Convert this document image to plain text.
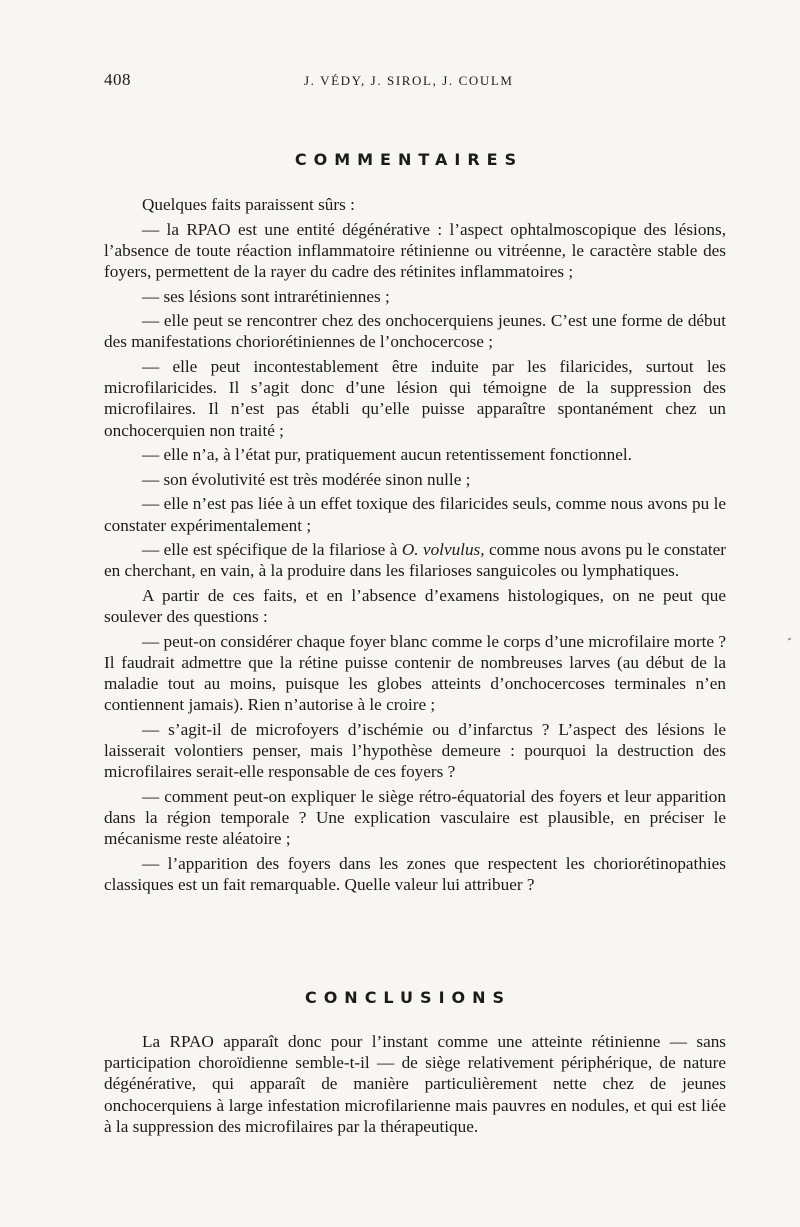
408	J. VÉDY, J. SIROL, J. COULM
COMMENTAIRES

Quelques faits paraissent sûrs :

— la RPAO est une entité dégénérative : l’aspect ophtalmoscopique des lésions, l’absence de toute réaction inflammatoire rétinienne ou vitréenne, le caractère stable des foyers, permettent de la rayer du cadre des rétinites inflammatoires ;

— ses lésions sont intrarétiniennes ;

— elle peut se rencontrer chez des onchocerquiens jeunes. C’est une forme de début des manifestations choriorétiniennes de l’onchocercose ;

— elle peut incontestablement être induite par les filaricides, surtout les microfilaricides. Il s’agit donc d’une lésion qui témoigne de la suppression des microfilaires. Il n’est pas établi qu’elle puisse apparaître spontanément chez un onchocerquien non traité ;

— elle n’a, à l’état pur, pratiquement aucun retentissement fonctionnel.

— son évolutivité est très modérée sinon nulle ;

— elle n’est pas liée à un effet toxique des filaricides seuls, comme nous avons pu le constater expérimentalement ;

— elle est spécifique de la filariose à O. volvulus, comme nous avons pu le constater en cherchant, en vain, à la produire dans les filarioses sanguicoles ou lymphatiques.

A partir de ces faits, et en l’absence d’examens histologiques, on ne peut que soulever des questions :

— peut-on considérer chaque foyer blanc comme le corps d’une microfilaire morte ? Il faudrait admettre que la rétine puisse contenir de nombreuses larves (au début de la maladie tout au moins, puisque les globes atteints d’onchocercoses terminales n’en contiennent jamais). Rien n’autorise à le croire ;

— s’agit-il de microfoyers d’ischémie ou d’infarctus ? L’aspect des lésions le laisserait volontiers penser, mais l’hypothèse demeure : pourquoi la destruction des microfilaires serait-elle responsable de ces foyers ?

— comment peut-on expliquer le siège rétro-équatorial des foyers et leur apparition dans la région temporale ? Une explication vasculaire est plausible, en préciser le mécanisme reste aléatoire ;

— l’apparition des foyers dans les zones que respectent les choriorétinopathies classiques est un fait remarquable. Quelle valeur lui attribuer ?

CONCLUSIONS

La RPAO apparaît donc pour l’instant comme une atteinte rétinienne — sans participation choroïdienne semble-t-il — de siège relativement périphérique, de nature dégénérative, qui apparaît de manière particulièrement nette chez de jeunes onchocerquiens à large infestation microfilarienne mais pauvres en nodules, et qui est liée à la suppression des microfilaires par la thérapeutique.
